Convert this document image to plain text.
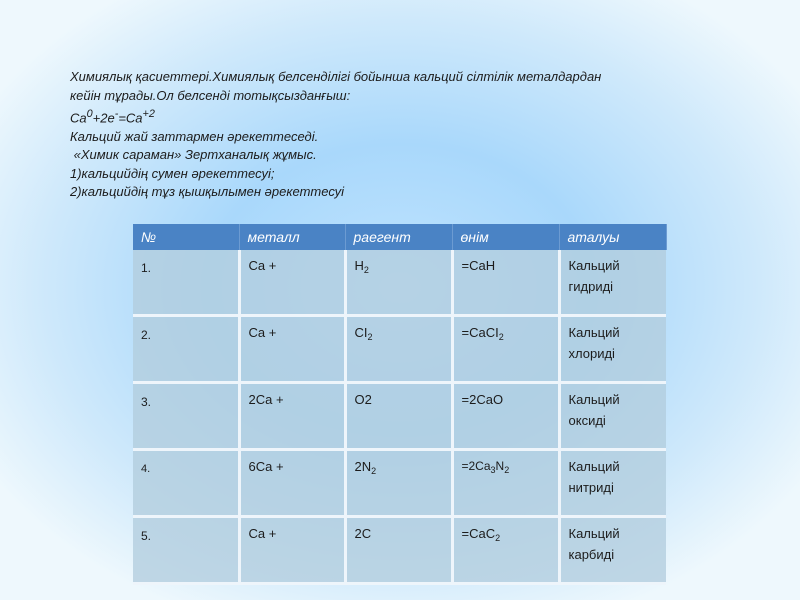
Химиялық қасиеттері.Химиялық белсенділігі бойынша кальций сілтілік металдардан

кейін тұрады.Ол белсенді тотықсызданғыш:

$Ca^0+2e^-=Ca^{+2}$

Кальций жай заттармен әрекеттеседі.

«Химик сараман» Зертханалық жұмыс.

1)кальцийдің сумен әрекеттесуі;

2)кальцийдің тұз қышқылымен әрекеттесуі

№	металл	раегент	өнім	аталуы
1.	Ca +	$H_2$	=CaH	Кальций гидриді
2.	Ca +	$CI_2$	=CaCI$_2$	Кальций хлориді
3.	2Ca +	O2	=2CaO	Кальций оксиді
4.	6Ca +	$2N_2$	$=2Ca_3N_2$	Кальций нитриді
5.	Ca +	2C	=CaC$_2$	Кальций карбиді
